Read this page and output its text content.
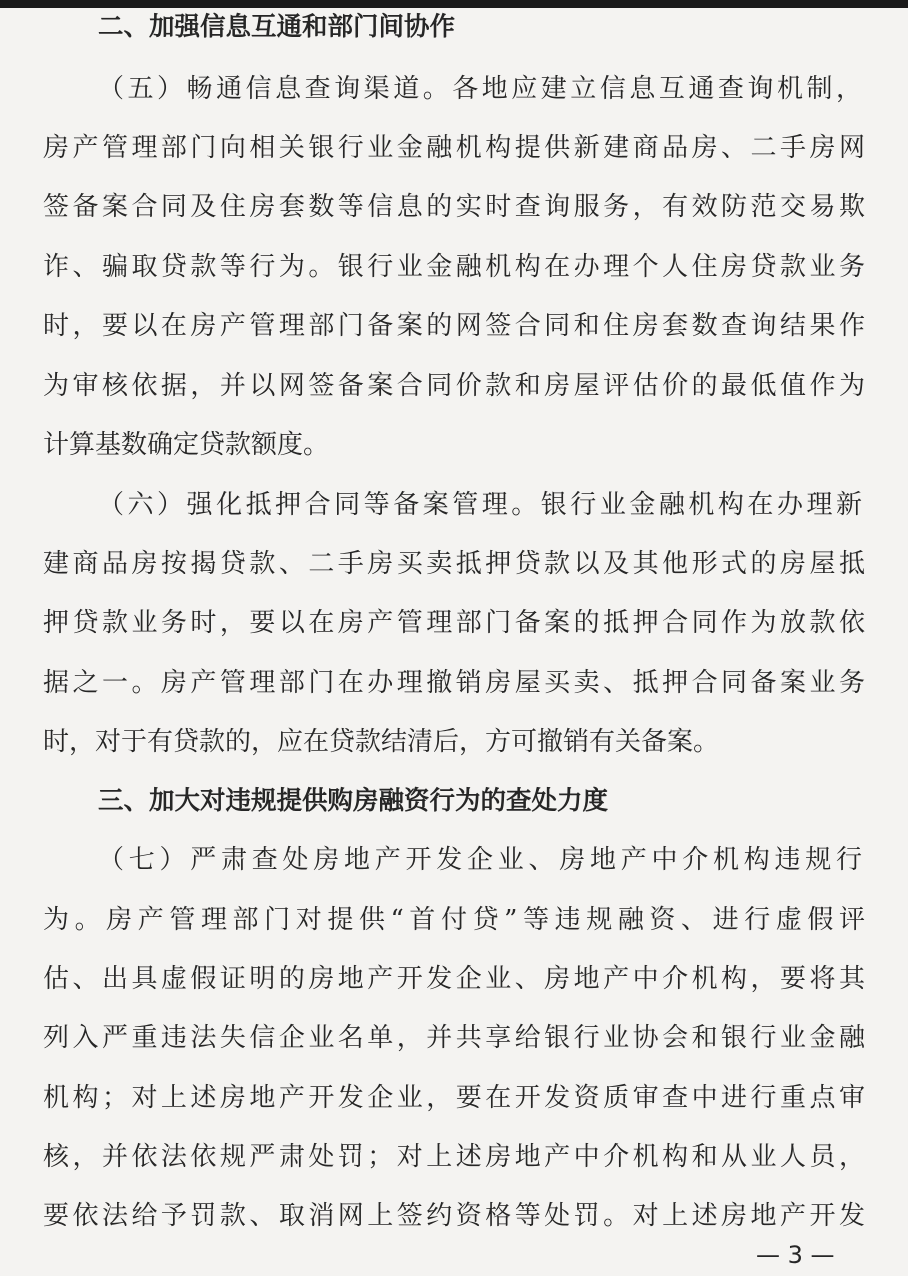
二、加强信息互通和部门间协作
（五）畅通信息查询渠道。各地应建立信息互通查询机制，
房产管理部门向相关银行业金融机构提供新建商品房、二手房网
签备案合同及住房套数等信息的实时查询服务，有效防范交易欺
诈、骗取贷款等行为。银行业金融机构在办理个人住房贷款业务
时，要以在房产管理部门备案的网签合同和住房套数查询结果作
为审核依据，并以网签备案合同价款和房屋评估价的最低值作为
计算基数确定贷款额度。
（六）强化抵押合同等备案管理。银行业金融机构在办理新
建商品房按揭贷款、二手房买卖抵押贷款以及其他形式的房屋抵
押贷款业务时，要以在房产管理部门备案的抵押合同作为放款依
据之一。房产管理部门在办理撤销房屋买卖、抵押合同备案业务
时，对于有贷款的，应在贷款结清后，方可撤销有关备案。
三、加大对违规提供购房融资行为的查处力度
（七）严肃查处房地产开发企业、房地产中介机构违规行
为。房产管理部门对提供“首付贷”等违规融资、进行虚假评
估、出具虚假证明的房地产开发企业、房地产中介机构，要将其
列入严重违法失信企业名单，并共享给银行业协会和银行业金融
机构；对上述房地产开发企业，要在开发资质审查中进行重点审
核，并依法依规严肃处罚；对上述房地产中介机构和从业人员，
要依法给予罚款、取消网上签约资格等处罚。对上述房地产开发
— 3 —
